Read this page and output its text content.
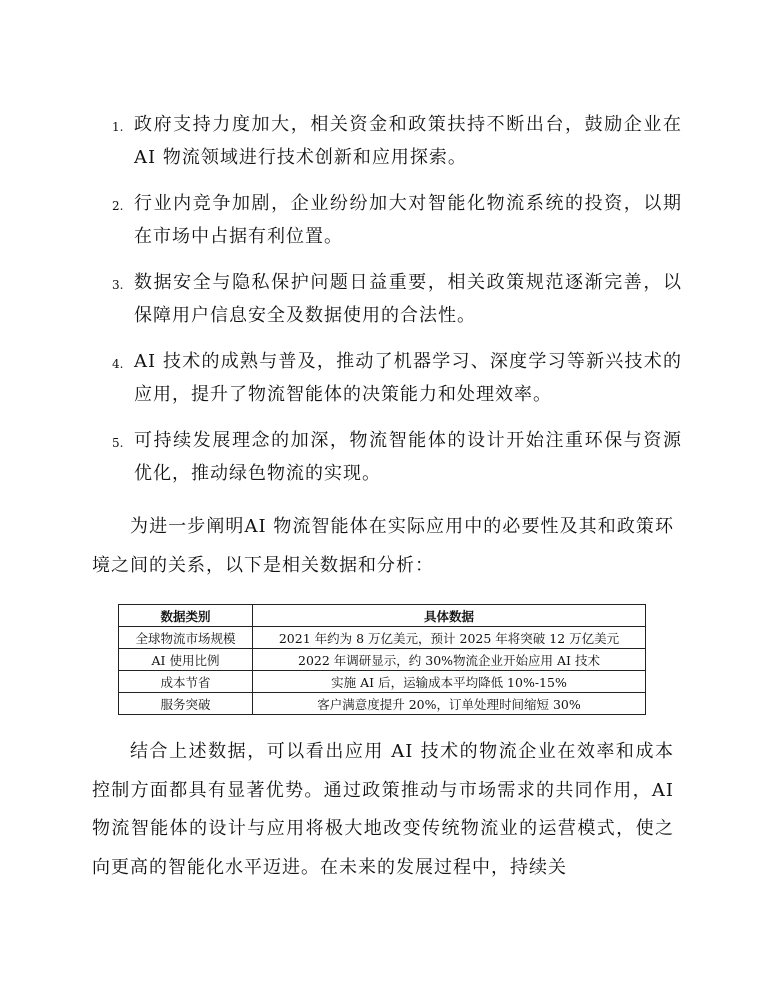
1. 政府支持力度加大，相关资金和政策扶持不断出台，鼓励企业在 AI 物流领域进行技术创新和应用探索。
2. 行业内竞争加剧，企业纷纷加大对智能化物流系统的投资，以期在市场中占据有利位置。
3. 数据安全与隐私保护问题日益重要，相关政策规范逐渐完善，以保障用户信息安全及数据使用的合法性。
4. AI 技术的成熟与普及，推动了机器学习、深度学习等新兴技术的应用，提升了物流智能体的决策能力和处理效率。
5. 可持续发展理念的加深，物流智能体的设计开始注重环保与资源优化，推动绿色物流的实现。

为进一步阐明AI 物流智能体在实际应用中的必要性及其和政策环境之间的关系，以下是相关数据和分析：

数据类别	具体数据
全球物流市场规模	2021 年约为 8 万亿美元，预计 2025 年将突破 12 万亿美元
AI 使用比例	2022 年调研显示，约 30%物流企业开始应用 AI 技术
成本节省	实施 AI 后，运输成本平均降低 10%-15%
服务突破	客户满意度提升 20%，订单处理时间缩短 30%

结合上述数据，可以看出应用 AI 技术的物流企业在效率和成本控制方面都具有显著优势。通过政策推动与市场需求的共同作用，AI 物流智能体的设计与应用将极大地改变传统物流业的运营模式，使之向更高的智能化水平迈进。在未来的发展过程中，持续关
